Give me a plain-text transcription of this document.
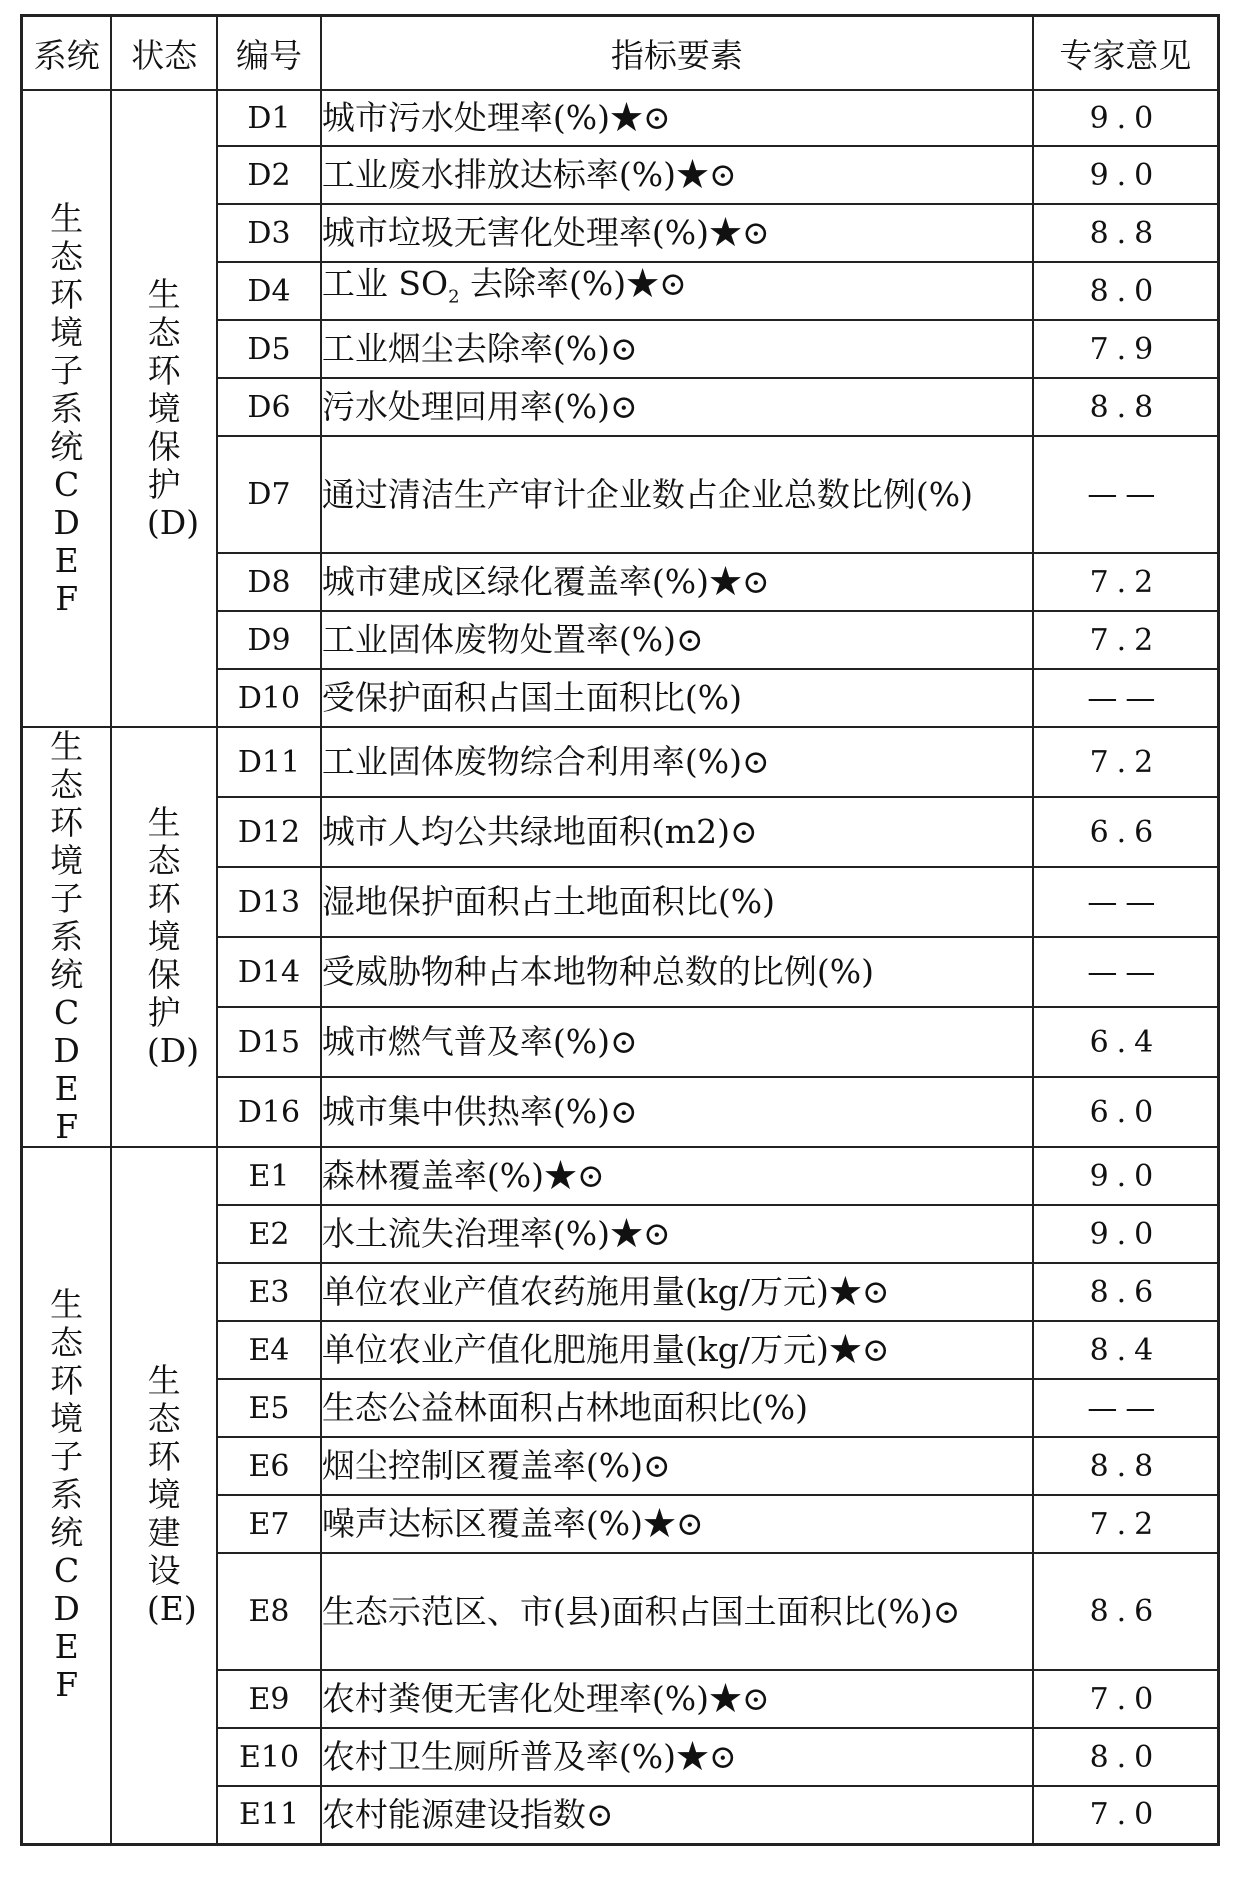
系统	状态	编号	指标要素	专家意见
生态环境子系统CDEF	生态环境保护(D)	D1	城市污水处理率(%)★⊙	9.0
		D2	工业废水排放达标率(%)★⊙	9.0
		D3	城市垃圾无害化处理率(%)★⊙	8.8
		D4	工业 $SO_2$ 去除率(%)★⊙	8.0
		D5	工业烟尘去除率(%)⊙	7.9
		D6	污水处理回用率(%)⊙	8.8
		D7	通过清洁生产审计企业数占企业总数比例(%)	——
		D8	城市建成区绿化覆盖率(%)★⊙	7.2
		D9	工业固体废物处置率(%)⊙	7.2
		D10	受保护面积占国土面积比(%)	——
生态环境子系统CDEF	生态环境保护(D)	D11	工业固体废物综合利用率(%)⊙	7.2
		D12	城市人均公共绿地面积(m2)⊙	6.6
		D13	湿地保护面积占土地面积比(%)	——
		D14	受威胁物种占本地物种总数的比例(%)	——
		D15	城市燃气普及率(%)⊙	6.4
		D16	城市集中供热率(%)⊙	6.0
生态环境子系统CDEF	生态环境建设(E)	E1	森林覆盖率(%)★⊙	9.0
		E2	水土流失治理率(%)★⊙	9.0
		E3	单位农业产值农药施用量(kg/万元)★⊙	8.6
		E4	单位农业产值化肥施用量(kg/万元)★⊙	8.4
		E5	生态公益林面积占林地面积比(%)	——
		E6	烟尘控制区覆盖率(%)⊙	8.8
		E7	噪声达标区覆盖率(%)★⊙	7.2
		E8	生态示范区、市(县)面积占国土面积比(%)⊙	8.6
		E9	农村粪便无害化处理率(%)★⊙	7.0
		E10	农村卫生厕所普及率(%)★⊙	8.0
		E11	农村能源建设指数⊙	7.0
